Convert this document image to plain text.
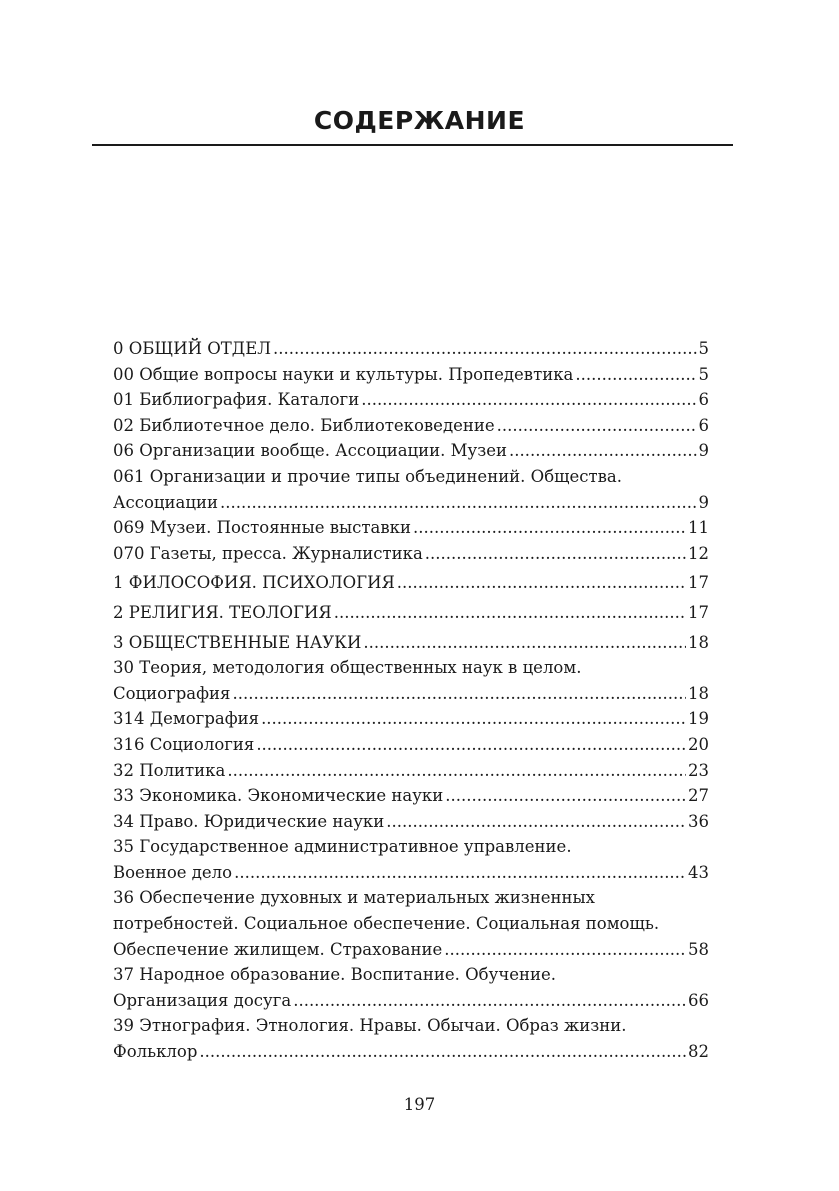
СОДЕРЖАНИЕ
0 ОБЩИЙ ОТДЕЛ .....	5
00 Общие вопросы науки и культуры. Пропедевтика .....	5
01 Библиография. Каталоги .....	6
02 Библиотечное дело. Библиотековедение .....	6
06 Организации вообще. Ассоциации. Музеи .....	9
061 Организации и прочие типы объединений. Общества.
Ассоциации .....	9
069 Музеи. Постоянные выставки .....	11
070 Газеты, пресса. Журналистика .....	12
1 ФИЛОСОФИЯ. ПСИХОЛОГИЯ .....	17
2 РЕЛИГИЯ. ТЕОЛОГИЯ .....	17
3 ОБЩЕСТВЕННЫЕ НАУКИ .....	18
30 Теория, методология общественных наук в целом.
Социография .....	18
314 Демография .....	19
316 Социология .....	20
32 Политика .....	23
33 Экономика. Экономические науки .....	27
34 Право. Юридические науки .....	36
35 Государственное административное управление.
Военное дело .....	43
36 Обеспечение духовных и материальных жизненных
потребностей. Социальное обеспечение. Социальная помощь.
Обеспечение жилищем. Страхование .....	58
37 Народное образование. Воспитание. Обучение.
Организация досуга .....	66
39 Этнография. Этнология. Нравы. Обычаи. Образ жизни.
Фольклор .....	82
197
